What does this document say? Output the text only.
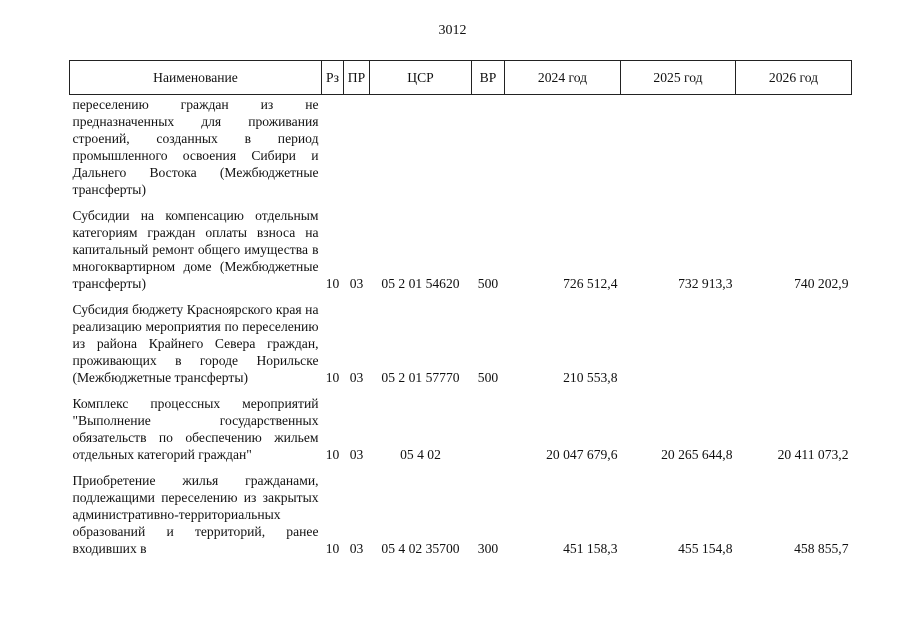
3012
Наименование	Рз	ПР	ЦСР	ВР	2024 год	2025 год	2026 год
переселению граждан из не предназначенных для проживания строений, созданных в период промышленного освоения Сибири и Дальнего Востока (Межбюджетные трансферты)							
Субсидии на компенсацию отдельным категориям граждан оплаты взноса на капитальный ремонт общего имущества в многоквартирном доме (Межбюджетные трансферты)	10	03	05 2 01 54620	500	726 512,4	732 913,3	740 202,9
Субсидия бюджету Красноярского края на реализацию мероприятия по переселению из района Крайнего Севера граждан, проживающих в городе Норильске (Межбюджетные трансферты)	10	03	05 2 01 57770	500	210 553,8		
Комплекс процессных мероприятий "Выполнение государственных обязательств по обеспечению жильем отдельных категорий граждан"	10	03	05 4 02		20 047 679,6	20 265 644,8	20 411 073,2
Приобретение жилья гражданами, подлежащими переселению из закрытых административно-территориальных образований и территорий, ранее входивших в	10	03	05 4 02 35700	300	451 158,3	455 154,8	458 855,7
